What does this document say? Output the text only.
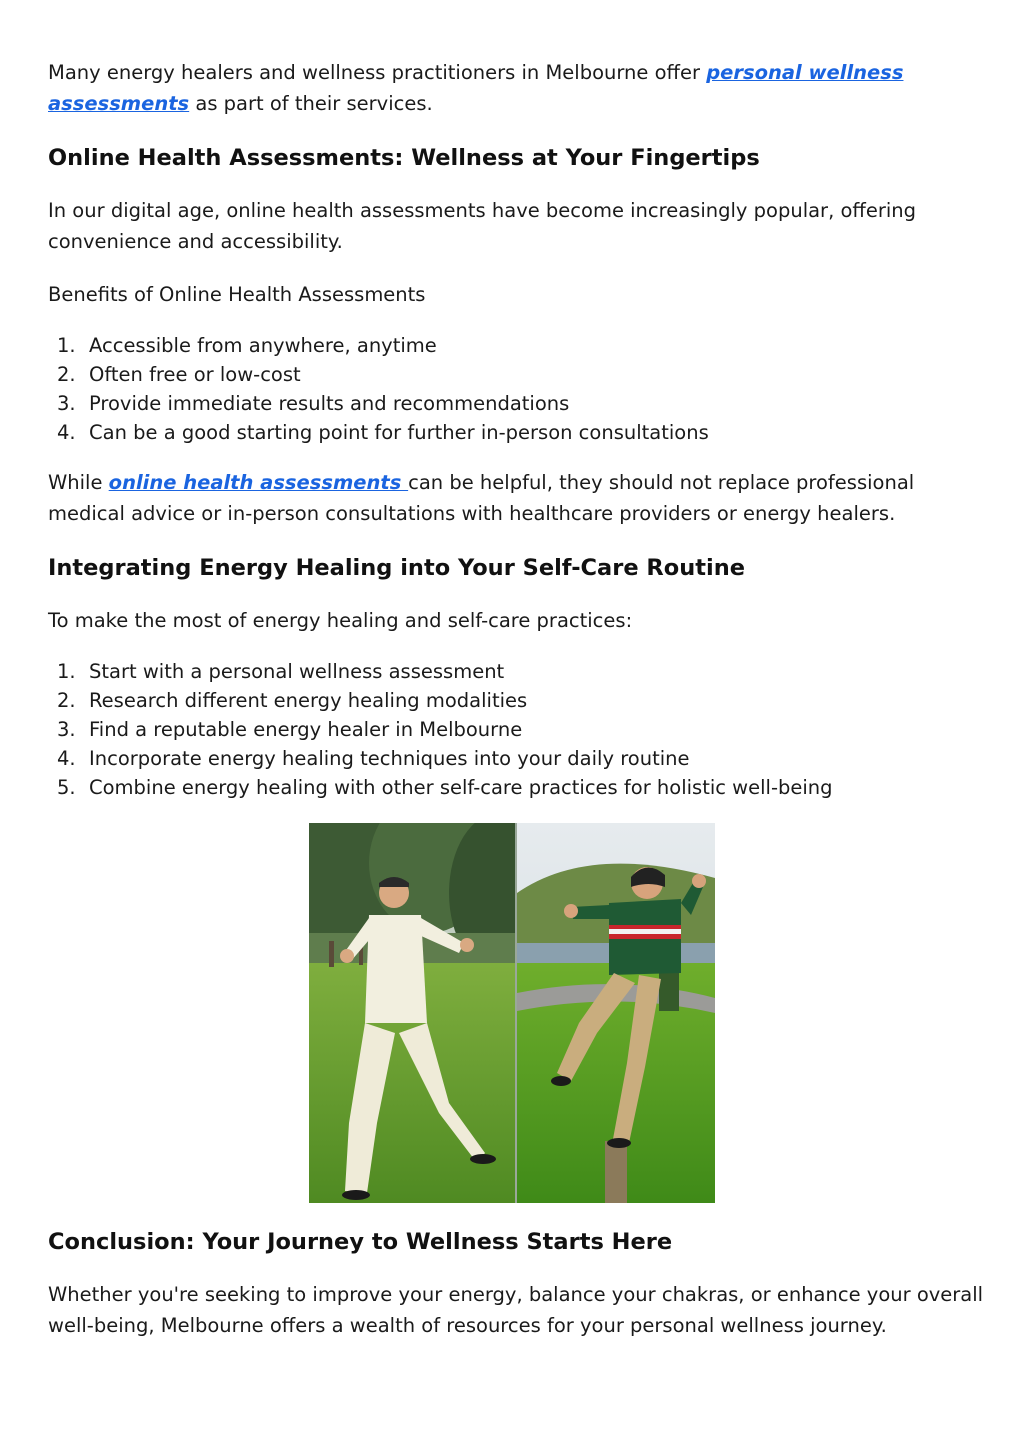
Many energy healers and wellness practitioners in Melbourne offer personal wellness assessments as part of their services.

Online Health Assessments: Wellness at Your Fingertips

In our digital age, online health assessments have become increasingly popular, offering convenience and accessibility.

Benefits of Online Health Assessments

1. Accessible from anywhere, anytime
2. Often free or low-cost
3. Provide immediate results and recommendations
4. Can be a good starting point for further in-person consultations

While online health assessments can be helpful, they should not replace professional medical advice or in-person consultations with healthcare providers or energy healers.

Integrating Energy Healing into Your Self-Care Routine

To make the most of energy healing and self-care practices:

1. Start with a personal wellness assessment
2. Research different energy healing modalities
3. Find a reputable energy healer in Melbourne
4. Incorporate energy healing techniques into your daily routine
5. Combine energy healing with other self-care practices for holistic well-being
Conclusion: Your Journey to Wellness Starts Here

Whether you're seeking to improve your energy, balance your chakras, or enhance your overall well-being, Melbourne offers a wealth of resources for your personal wellness journey.
